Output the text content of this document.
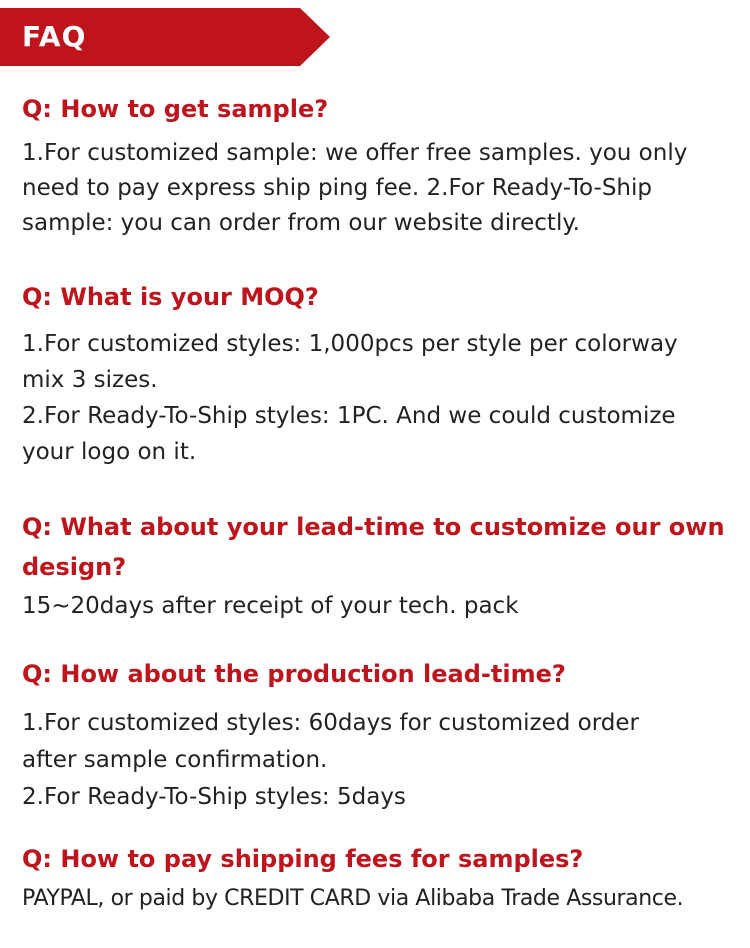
FAQ
Q: How to get sample?
1.For customized sample: we offer free samples. you only
need to pay express ship ping fee. 2.For Ready-To-Ship
sample: you can order from our website directly.
Q: What is your MOQ?
1.For customized styles: 1,000pcs per style per colorway
mix 3 sizes.
2.For Ready-To-Ship styles: 1PC. And we could customize
your logo on it.
Q: What about your lead-time to customize our own
design?
15~20days after receipt of your tech. pack
Q: How about the production lead-time?
1.For customized styles: 60days for customized order
after sample confirmation.
2.For Ready-To-Ship styles: 5days
Q: How to pay shipping fees for samples?
PAYPAL, or paid by CREDIT CARD via Alibaba Trade Assurance.
